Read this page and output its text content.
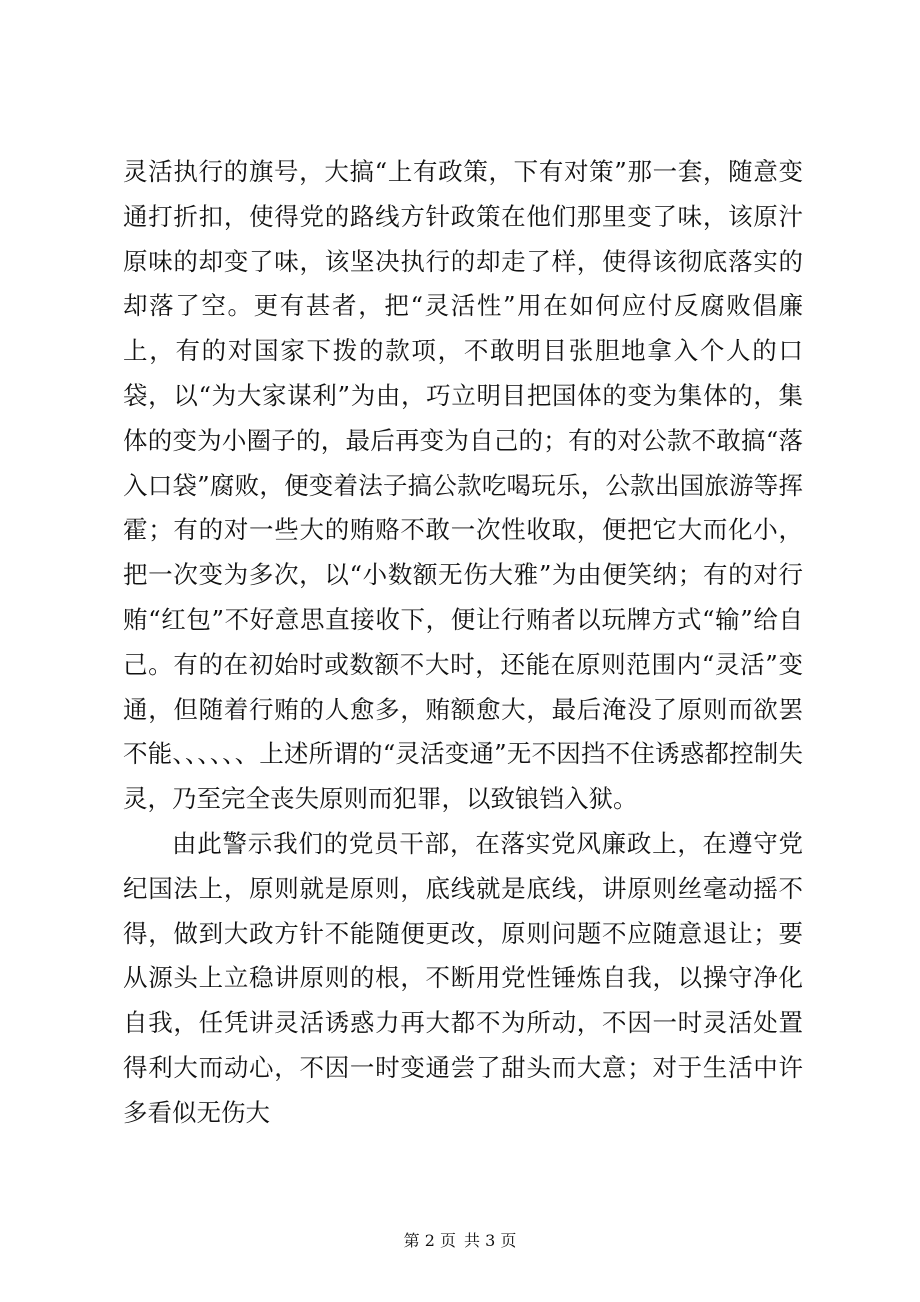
灵活执行的旗号，大搞“上有政策，下有对策”那一套，随意变通打折扣，使得党的路线方针政策在他们那里变了味，该原汁原味的却变了味，该坚决执行的却走了样，使得该彻底落实的却落了空。更有甚者，把“灵活性”用在如何应付反腐败倡廉上，有的对国家下拨的款项，不敢明目张胆地拿入个人的口袋，以“为大家谋利”为由，巧立明目把国体的变为集体的，集体的变为小圈子的，最后再变为自己的；有的对公款不敢搞“落入口袋”腐败，便变着法子搞公款吃喝玩乐，公款出国旅游等挥霍；有的对一些大的贿赂不敢一次性收取，便把它大而化小，把一次变为多次，以“小数额无伤大雅”为由便笑纳；有的对行贿“红包”不好意思直接收下，便让行贿者以玩牌方式“输”给自己。有的在初始时或数额不大时，还能在原则范围内“灵活”变通，但随着行贿的人愈多，贿额愈大，最后淹没了原则而欲罢不能、、、、、、上述所谓的“灵活变通”无不因挡不住诱惑都控制失灵，乃至完全丧失原则而犯罪，以致锒铛入狱。

由此警示我们的党员干部，在落实党风廉政上，在遵守党纪国法上，原则就是原则，底线就是底线，讲原则丝毫动摇不得，做到大政方针不能随便更改，原则问题不应随意退让；要从源头上立稳讲原则的根，不断用党性锤炼自我，以操守净化自我，任凭讲灵活诱惑力再大都不为所动，不因一时灵活处置得利大而动心，不因一时变通尝了甜头而大意；对于生活中许多看似无伤大

第 2 页 共 3 页
